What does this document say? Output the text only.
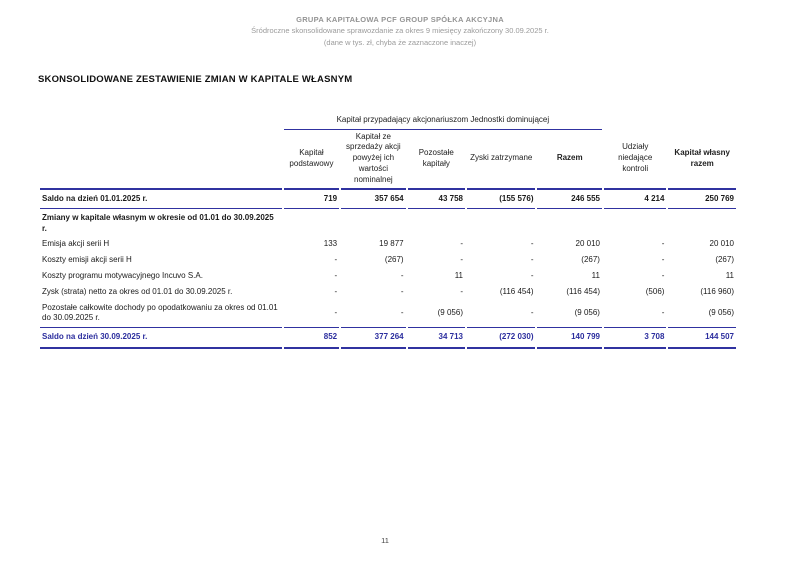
GRUPA KAPITAŁOWA PCF GROUP SPÓŁKA AKCYJNA
Śródroczne skonsolidowane sprawozdanie za okres 9 miesięcy zakończony 30.09.2025 r.
(dane w tys. zł, chyba że zaznaczone inaczej)
SKONSOLIDOWANE ZESTAWIENIE ZMIAN W KAPITALE WŁASNYM
	Kapitał przypadający akcjonariuszom Jednostki dominującej						
	Kapitał podstawowy	Kapitał ze sprzedaży akcji powyżej ich wartości nominalnej	Pozostałe kapitały	Zyski zatrzymane	Razem	Udziały niedające kontroli	Kapitał własny razem
Saldo na dzień 01.01.2025 r.	719	357 654	43 758	(155 576)	246 555	4 214	250 769
Zmiany w kapitale własnym w okresie od 01.01 do 30.09.2025 r.							
Emisja akcji serii H	133	19 877	-	-	20 010	-	20 010
Koszty emisji akcji serii H	-	(267)	-	-	(267)	-	(267)
Koszty programu motywacyjnego Incuvo S.A.	-	-	11	-	11	-	11
Zysk (strata) netto za okres od 01.01 do 30.09.2025 r.	-	-	-	(116 454)	(116 454)	(506)	(116 960)
Pozostałe całkowite dochody po opodatkowaniu za okres od 01.01 do 30.09.2025 r.	-	-	(9 056)	-	(9 056)	-	(9 056)
Saldo na dzień 30.09.2025 r.	852	377 264	34 713	(272 030)	140 799	3 708	144 507
11
